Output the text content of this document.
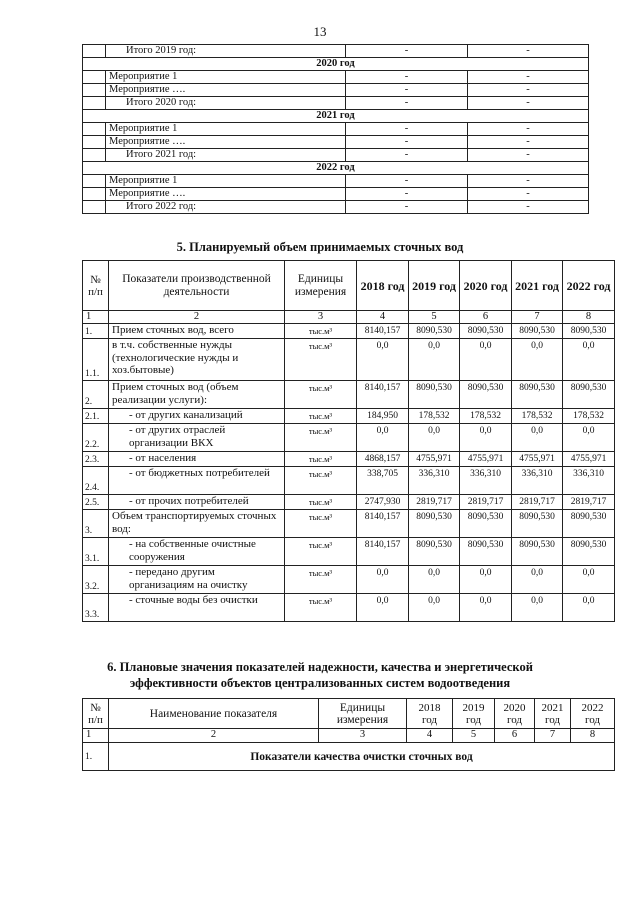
13
	Итого 2019 год:	-	-
2020 год			
	Мероприятие 1	-	-
	Мероприятие ….	-	-
	Итого 2020 год:	-	-
2021 год			
	Мероприятие 1	-	-
	Мероприятие ….	-	-
	Итого 2021 год:	-	-
2022 год			
	Мероприятие 1	-	-
	Мероприятие ….	-	-
	Итого 2022 год:	-	-
5. Планируемый объем принимаемых сточных вод
№ п/п	Показатели производственной деятельности	Единицы измерения	2018 год	2019 год	2020 год	2021 год	2022 год
1	2	3	4	5	6	7	8
1.	Прием сточных вод, всего	тыс.м³	8140,157	8090,530	8090,530	8090,530	8090,530
1.1.	в т.ч. собственные нужды (технологические нужды и хоз.бытовые)	тыс.м³	0,0	0,0	0,0	0,0	0,0
2.	Прием сточных вод (объем реализации услуги):	тыс.м³	8140,157	8090,530	8090,530	8090,530	8090,530
2.1.	- от других канализаций	тыс.м³	184,950	178,532	178,532	178,532	178,532
2.2.	- от других отраслей организации ВКХ	тыс.м³	0,0	0,0	0,0	0,0	0,0
2.3.	- от населения	тыс.м³	4868,157	4755,971	4755,971	4755,971	4755,971
2.4.	- от бюджетных потребителей	тыс.м³	338,705	336,310	336,310	336,310	336,310
2.5.	- от прочих потребителей	тыс.м³	2747,930	2819,717	2819,717	2819,717	2819,717
3.	Объем транспортируемых сточных вод:	тыс.м³	8140,157	8090,530	8090,530	8090,530	8090,530
3.1.	- на собственные очистные сооружения	тыс.м³	8140,157	8090,530	8090,530	8090,530	8090,530
3.2.	- передано другим организациям на очистку	тыс.м³	0,0	0,0	0,0	0,0	0,0
3.3.	- сточные воды без очистки	тыс.м³	0,0	0,0	0,0	0,0	0,0
6. Плановые значения показателей надежности, качества и энергетической
эффективности объектов централизованных систем водоотведения
№ п/п	Наименование показателя	Единицы измерения	2018 год	2019 год	2020 год	2021 год	2022 год
1	2	3	4	5	6	7	8
1.	Показатели качества очистки сточных вод						
